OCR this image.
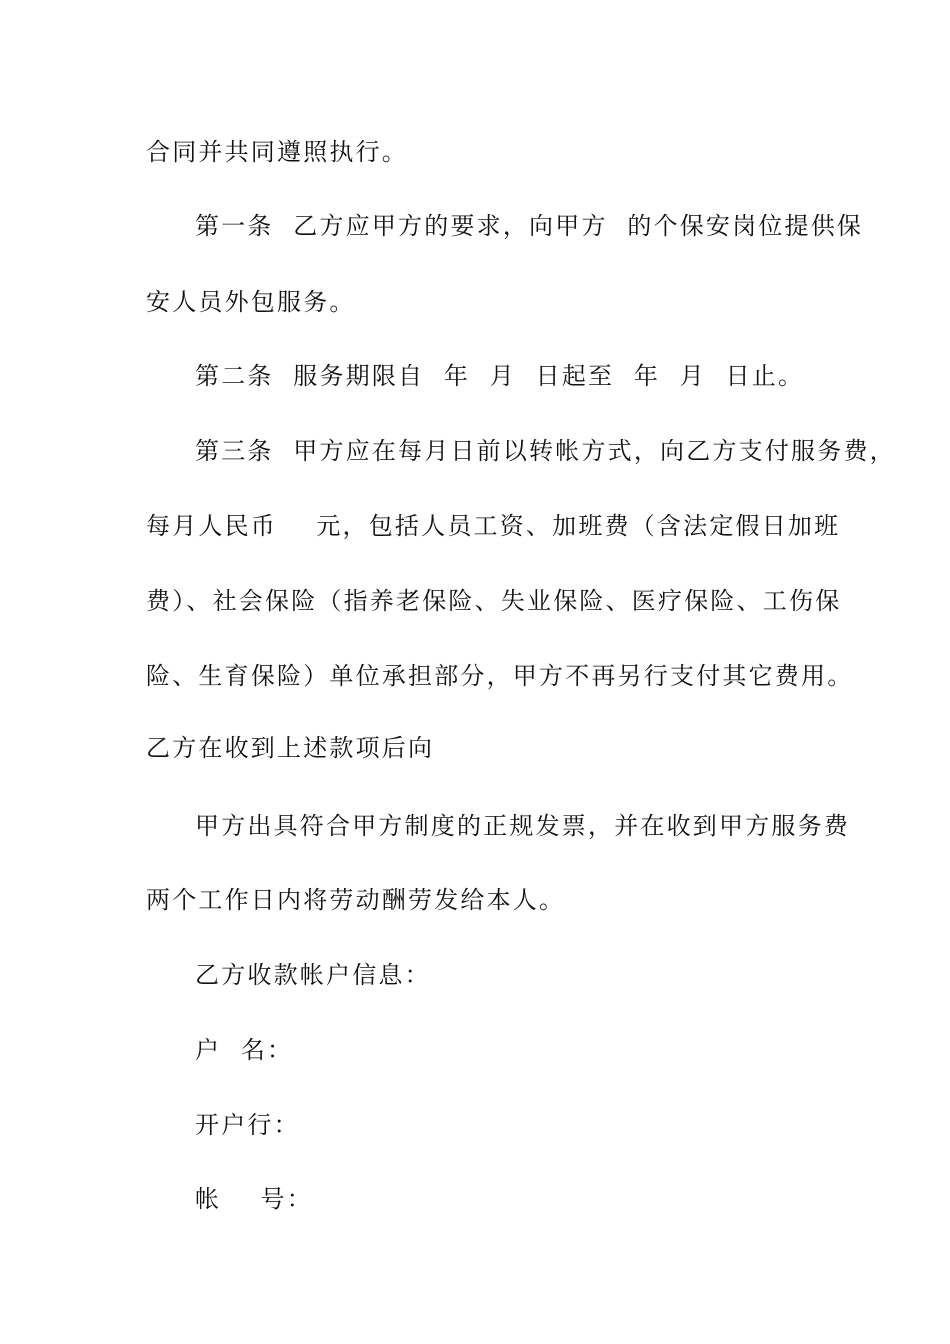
合同并共同遵照执行。
第一条  乙方应甲方的要求，向甲方  的个保安岗位提供保
安人员外包服务。
第二条  服务期限自  年  月  日起至  年  月  日止。
第三条  甲方应在每月日前以转帐方式，向乙方支付服务费，
每月人民币    元，包括人员工资、加班费（含法定假日加班
费）、社会保险（指养老保险、失业保险、医疗保险、工伤保
险、生育保险）单位承担部分，甲方不再另行支付其它费用。
乙方在收到上述款项后向
甲方出具符合甲方制度的正规发票，并在收到甲方服务费
两个工作日内将劳动酬劳发给本人。
乙方收款帐户信息：
户  名：
开户行：
帐    号：
